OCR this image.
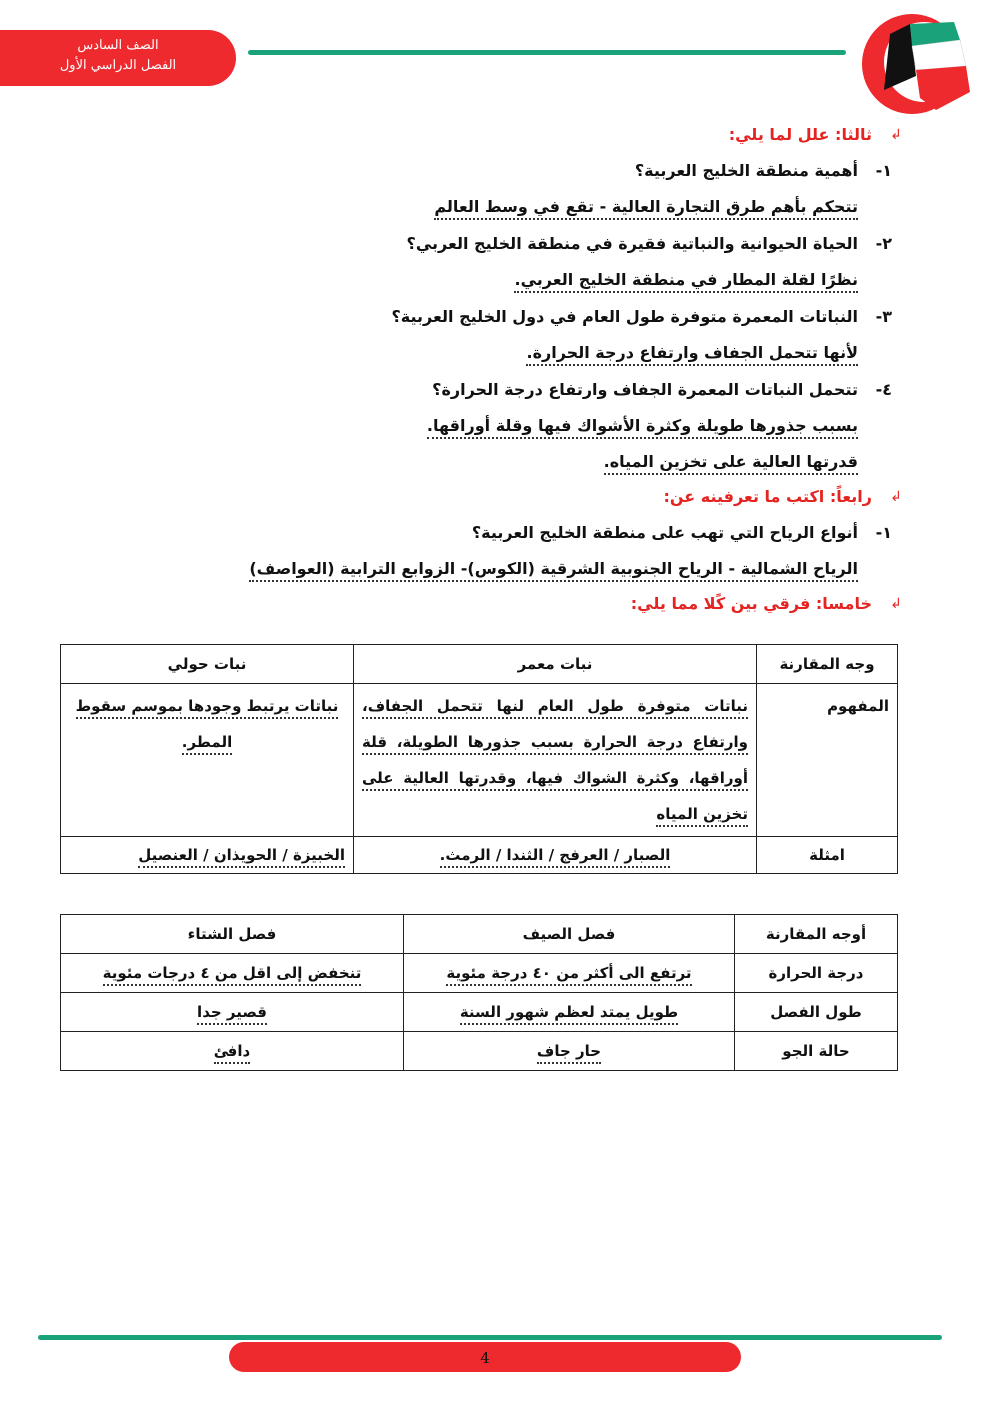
الصف السادس
الفصل الدراسي الأول
↲
ثالثا: علل لما يلي:
١-أهمية منطقة الخليج العربية؟
تتحكم بأهم طرق التجارة العالية - تقع في وسط العالم
٢-الحياة الحيوانية والنباتية فقيرة في منطقة الخليج العربي؟
نظرًا لقلة المطار في منطقة الخليج العربي.
٣-النباتات المعمرة متوفرة طول العام في دول الخليج العربية؟
لأنها تتحمل الجفاف وارتفاع درجة الحرارة.
٤-تتحمل النباتات المعمرة الجفاف وارتفاع درجة الحرارة؟
بسبب جذورها طويلة وكثرة الأشواك فيها وقلة أوراقها.
قدرتها العالية على تخزين المياه.
↲
رابعاً: اكتب ما تعرفينه عن:
١-أنواع الرياح التي تهب على منطقة الخليج العربية؟
الرياح الشمالية - الرياح الجنوبية الشرقية (الكوس)- الزوابع الترابية (العواصف)
↲
خامسا: فرقي بين كًلا مما يلي:
وجه المقارنة	نبات معمر	نبات حولي
المفهوم	نباتات متوفرة طول العام لنها تتحمل الجفاف، وارتفاع درجة الحرارة بسبب جذورها الطويلة، قلة أوراقها، وكثرة الشواك فيها، وقدرتها العالية على تخزين المياه	نباتات يرتبط وجودها بموسم سقوط المطر.
امثلة	الصبار / العرفج / الثندا / الرمث.	الخبيزة / الحويذان / العنصيل
أوجه المقارنة	فصل الصيف	فصل الشتاء
درجة الحرارة	ترتفع الى أكثر من ٤٠ درجة مئوية	تنخفض إلى اقل من ٤ درجات مئوية
طول الفصل	طويل يمتد لعظم شهور السنة	قصير جدا
حالة الجو	حار جاف	دافئ
4
